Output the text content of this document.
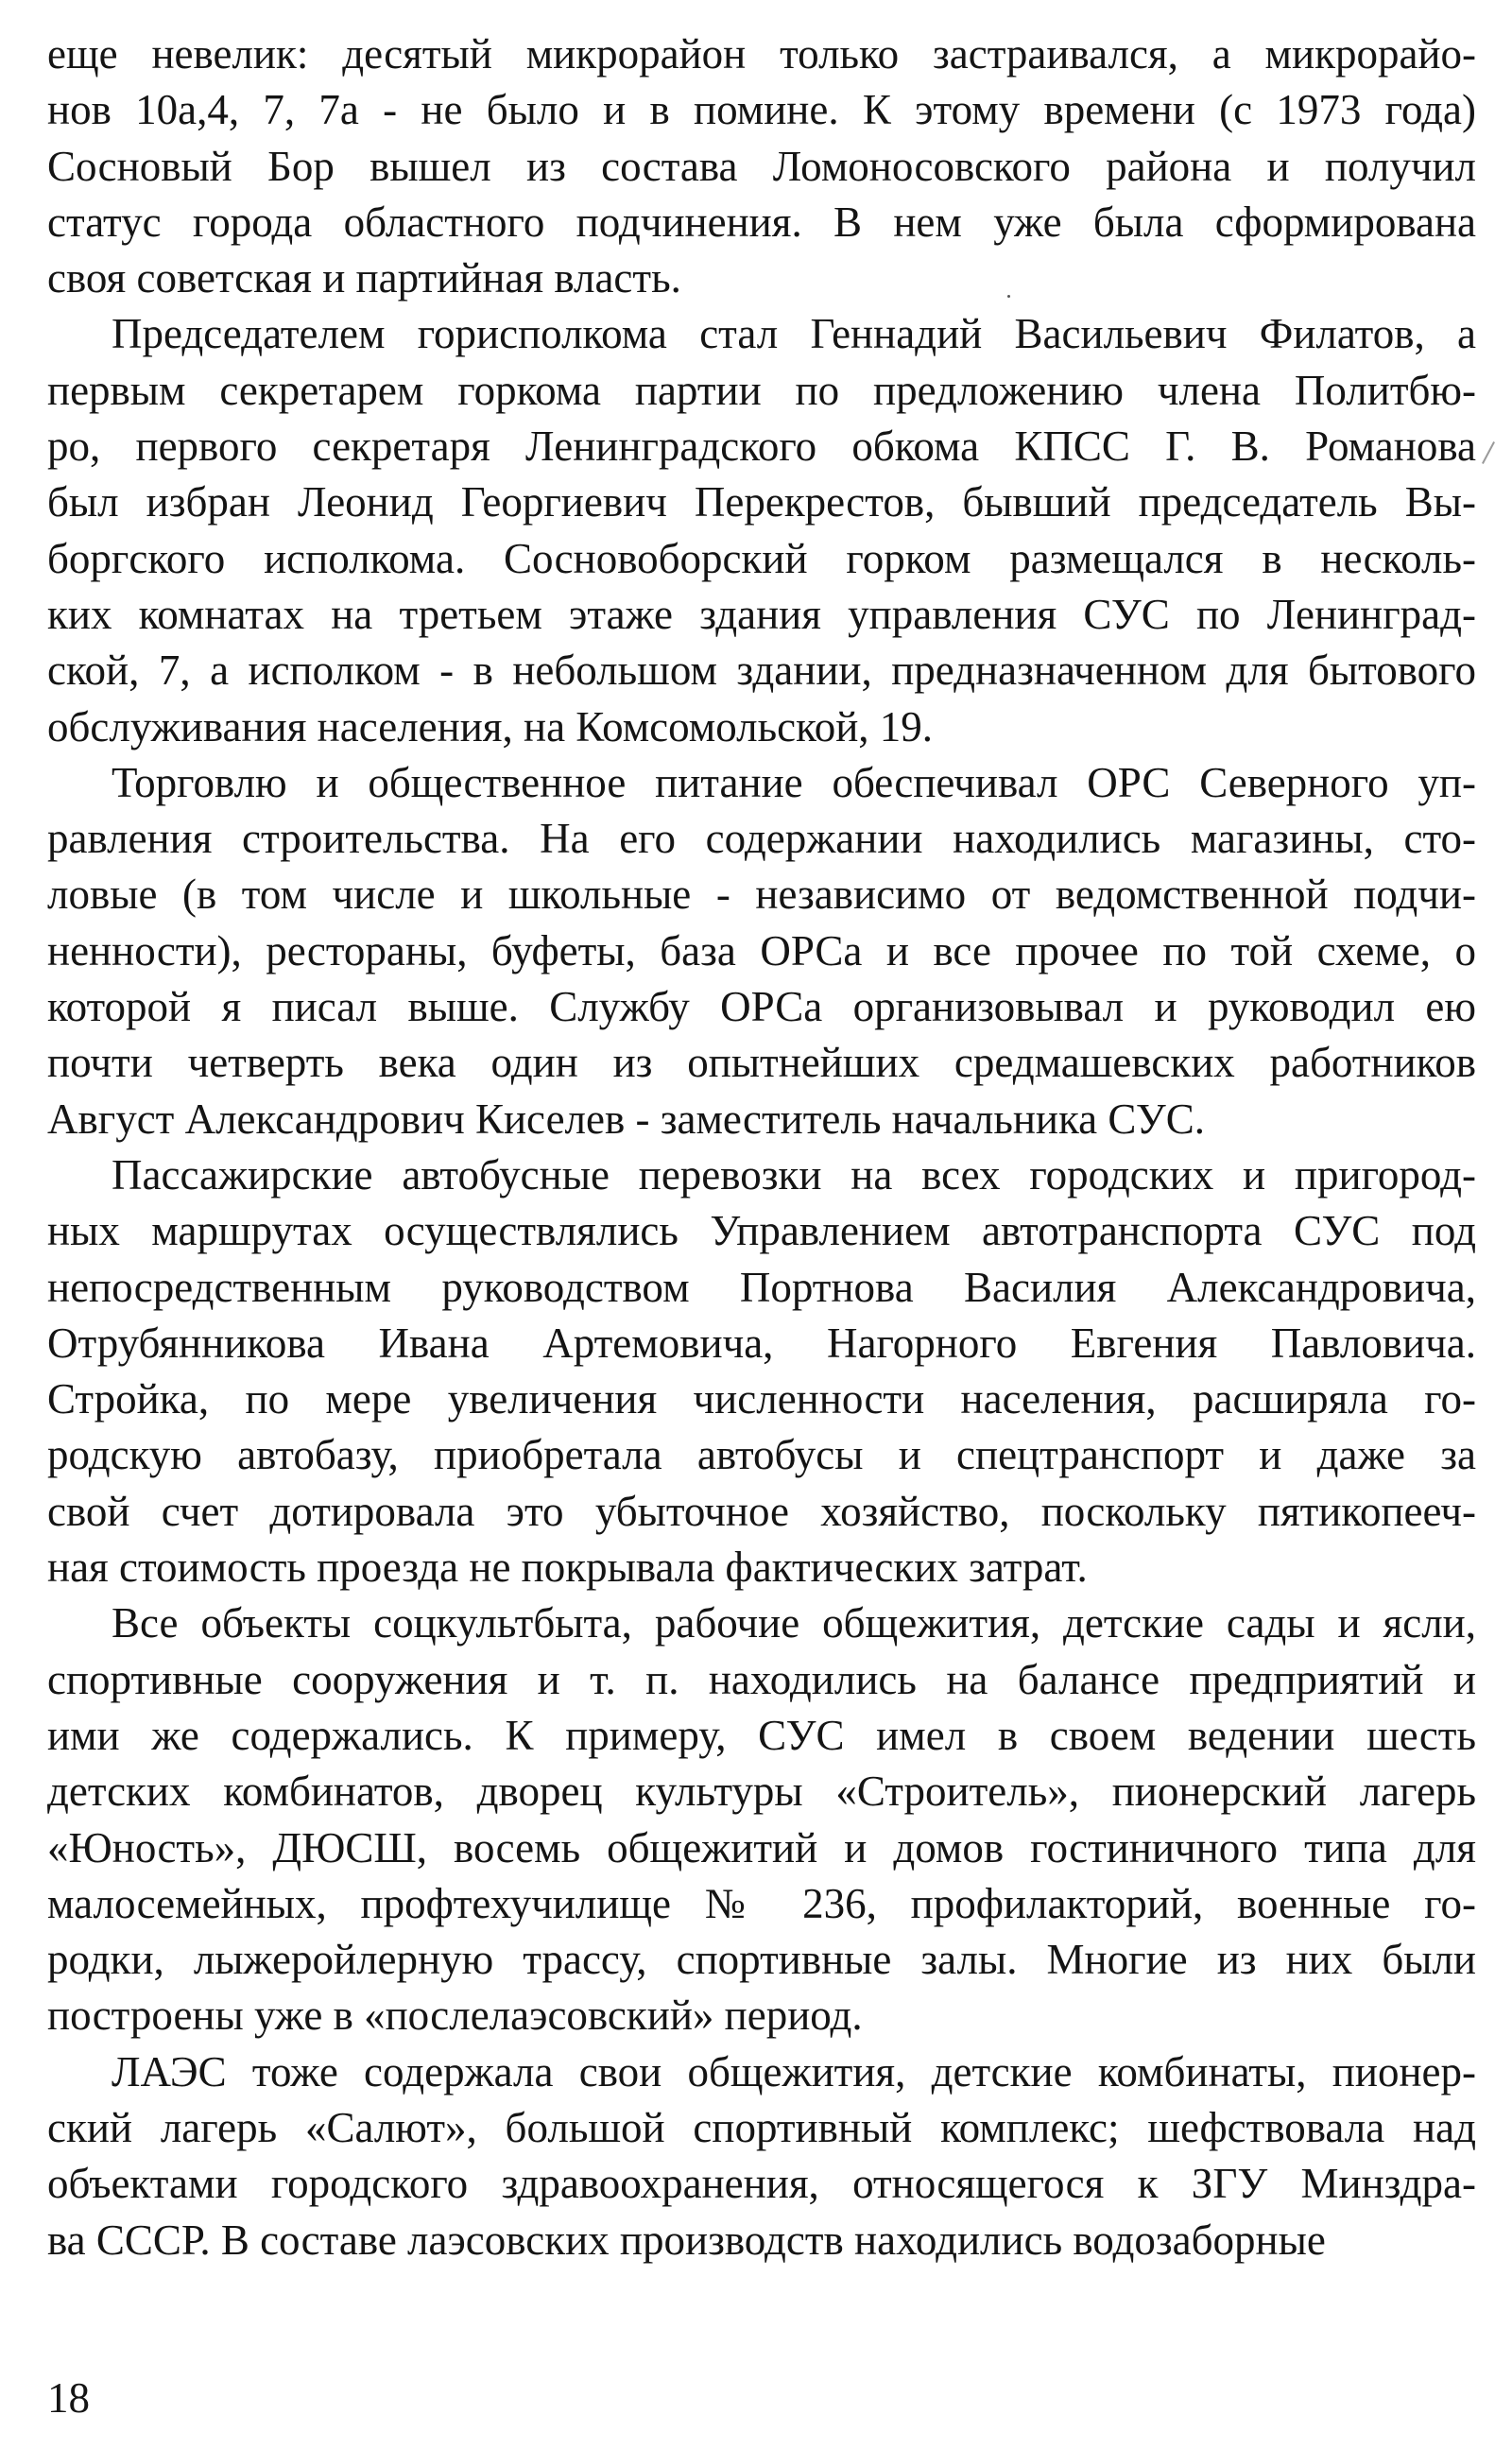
еще невелик: десятый микрорайон только застраивался, а микрорайо-
нов 10а,4, 7, 7а - не было и в помине. К этому времени (с 1973 года)
Сосновый Бор вышел из состава Ломоносовского района и получил
статус города областного подчинения. В нем уже была сформирована
своя советская и партийная власть.
Председателем горисполкома стал Геннадий Васильевич Филатов, а
первым секретарем горкома партии по предложению члена Политбю-
ро, первого секретаря Ленинградского обкома КПСС Г. В. Романова
был избран Леонид Георгиевич Перекрестов, бывший председатель Вы-
боргского исполкома. Сосновоборский горком размещался в несколь-
ких комнатах на третьем этаже здания управления СУС по Ленинград-
ской, 7, а исполком - в небольшом здании, предназначенном для бытового
обслуживания населения, на Комсомольской, 19.
Торговлю и общественное питание обеспечивал ОРС Северного уп-
равления строительства. На его содержании находились магазины, сто-
ловые (в том числе и школьные - независимо от ведомственной подчи-
ненности), рестораны, буфеты, база ОРСа и все прочее по той схеме, о
которой я писал выше. Службу ОРСа организовывал и руководил ею
почти четверть века один из опытнейших средмашевских работников
Август Александрович Киселев - заместитель начальника СУС.
Пассажирские автобусные перевозки на всех городских и пригород-
ных маршрутах осуществлялись Управлением автотранспорта СУС под
непосредственным руководством Портнова Василия Александровича,
Отрубянникова Ивана Артемовича, Нагорного Евгения Павловича.
Стройка, по мере увеличения численности населения, расширяла го-
родскую автобазу, приобретала автобусы и спецтранспорт и даже за
свой счет дотировала это убыточное хозяйство, поскольку пятикопееч-
ная стоимость проезда не покрывала фактических затрат.
Все объекты соцкультбыта, рабочие общежития, детские сады и ясли,
спортивные сооружения и т. п. находились на балансе предприятий и
ими же содержались. К примеру, СУС имел в своем ведении шесть
детских комбинатов, дворец культуры «Строитель», пионерский лагерь
«Юность», ДЮСШ, восемь общежитий и домов гостиничного типа для
малосемейных, профтехучилище № 236, профилакторий, военные го-
родки, лыжеройлерную трассу, спортивные залы. Многие из них были
построены уже в «послелаэсовский» период.
ЛАЭС тоже содержала свои общежития, детские комбинаты, пионер-
ский лагерь «Салют», большой спортивный комплекс; шефствовала над
объектами городского здравоохранения, относящегося к ЗГУ Минздра-
ва СССР. В составе лаэсовских производств находились водозаборные
18
